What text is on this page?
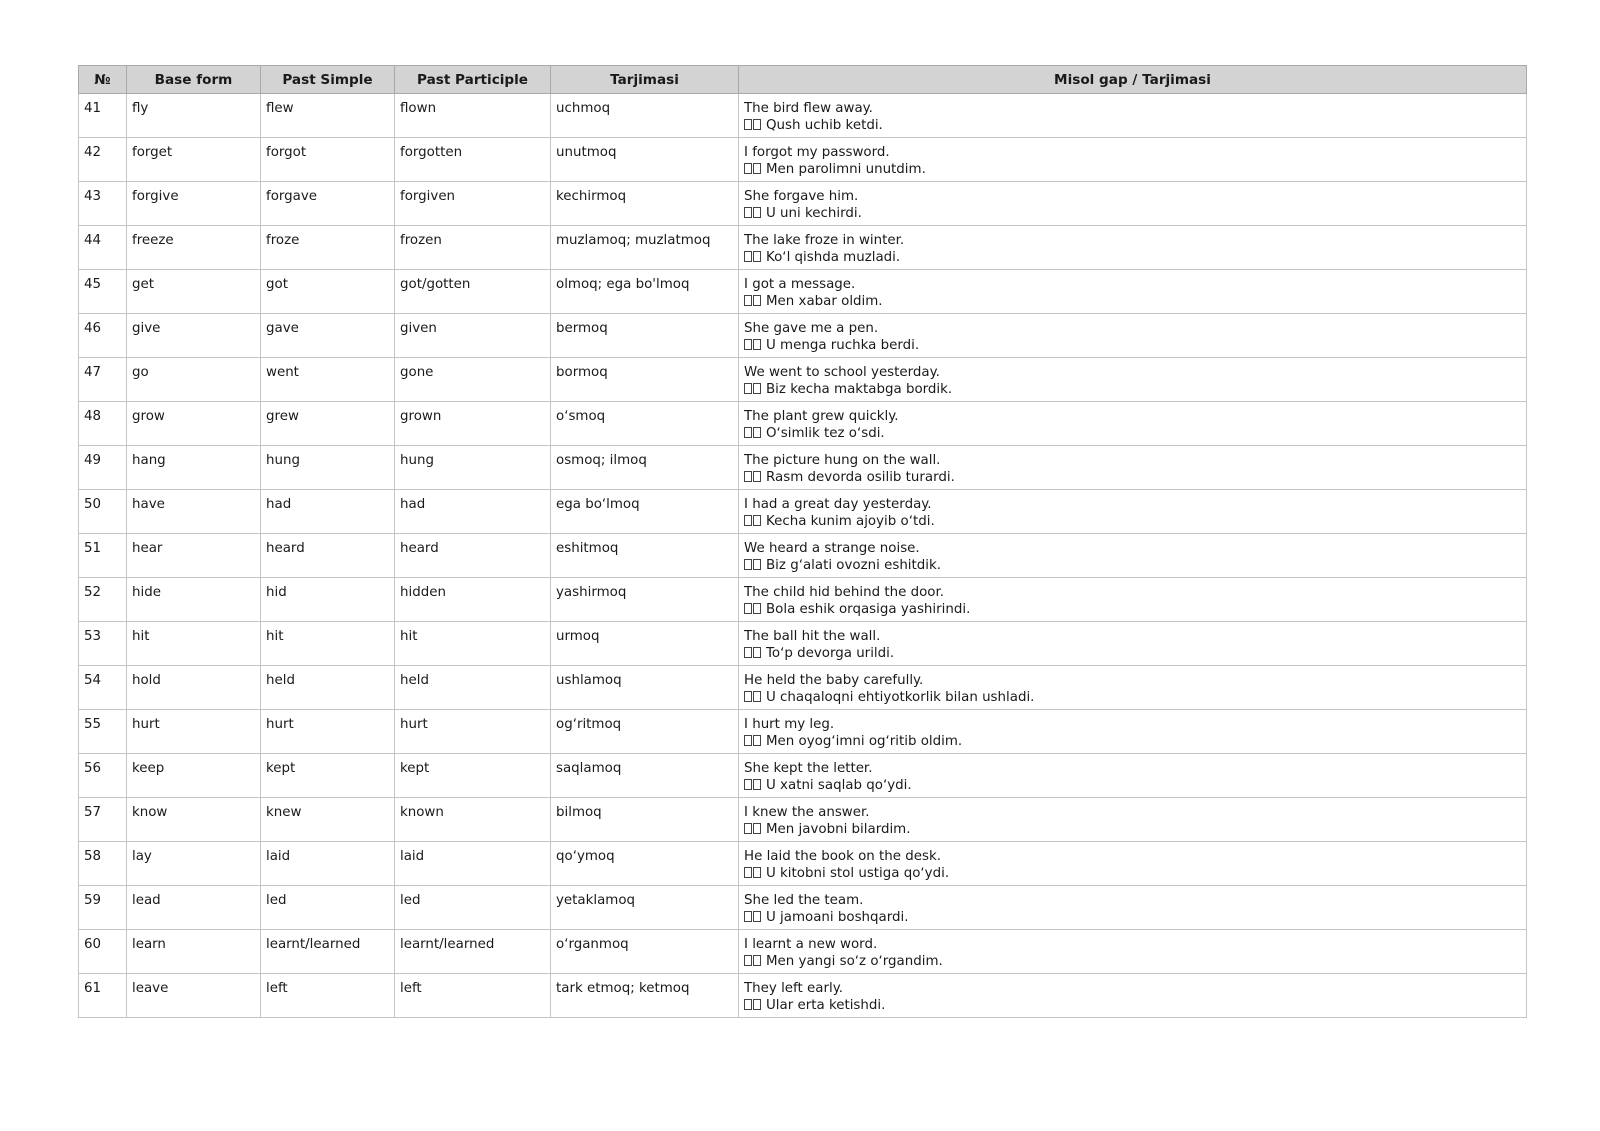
№	Base form	Past Simple	Past Participle	Tarjimasi	Misol gap / Tarjimasi
41	fly	flew	flown	uchmoq	The bird flew away.
Qush uchib ketdi.

42	forget	forgot	forgotten	unutmoq	I forgot my password.
Men parolimni unutdim.

43	forgive	forgave	forgiven	kechirmoq	She forgave him.
U uni kechirdi.

44	freeze	froze	frozen	muzlamoq; muzlatmoq	The lake froze in winter.
Koʻl qishda muzladi.

45	get	got	got/gotten	olmoq; ega bo'lmoq	I got a message.
Men xabar oldim.

46	give	gave	given	bermoq	She gave me a pen.
U menga ruchka berdi.

47	go	went	gone	bormoq	We went to school yesterday.
Biz kecha maktabga bordik.

48	grow	grew	grown	oʻsmoq	The plant grew quickly.
Oʻsimlik tez oʻsdi.

49	hang	hung	hung	osmoq; ilmoq	The picture hung on the wall.
Rasm devorda osilib turardi.

50	have	had	had	ega boʻlmoq	I had a great day yesterday.
Kecha kunim ajoyib oʻtdi.

51	hear	heard	heard	eshitmoq	We heard a strange noise.
Biz gʻalati ovozni eshitdik.

52	hide	hid	hidden	yashirmoq	The child hid behind the door.
Bola eshik orqasiga yashirindi.

53	hit	hit	hit	urmoq	The ball hit the wall.
Toʻp devorga urildi.

54	hold	held	held	ushlamoq	He held the baby carefully.
U chaqaloqni ehtiyotkorlik bilan ushladi.

55	hurt	hurt	hurt	ogʻritmoq	I hurt my leg.
Men oyogʻimni ogʻritib oldim.

56	keep	kept	kept	saqlamoq	She kept the letter.
U xatni saqlab qoʻydi.

57	know	knew	known	bilmoq	I knew the answer.
Men javobni bilardim.

58	lay	laid	laid	qoʻymoq	He laid the book on the desk.
U kitobni stol ustiga qoʻydi.

59	lead	led	led	yetaklamoq	She led the team.
U jamoani boshqardi.

60	learn	learnt/learned	learnt/learned	oʻrganmoq	I learnt a new word.
Men yangi soʻz oʻrgandim.

61	leave	left	left	tark etmoq; ketmoq	They left early.
Ular erta ketishdi.
